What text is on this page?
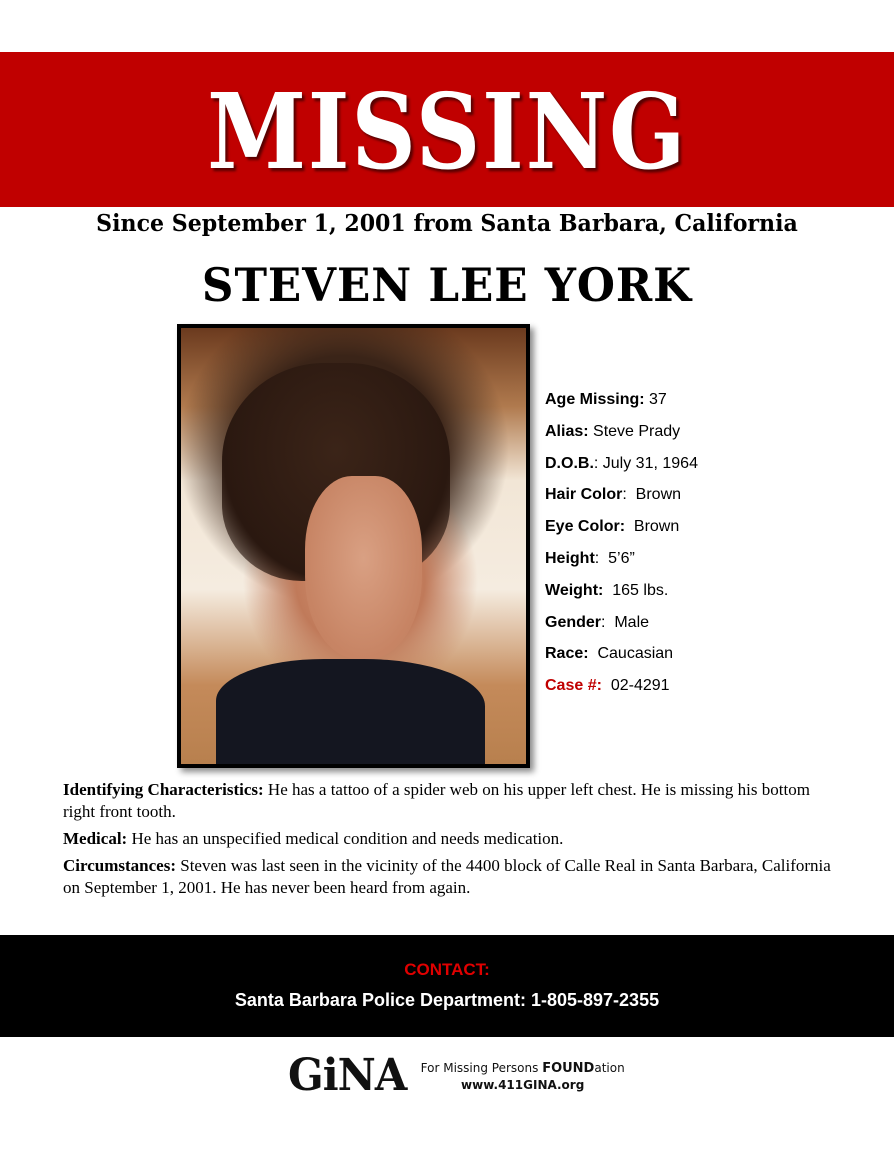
MISSING
Since September 1, 2001 from Santa Barbara, California
STEVEN LEE YORK
Age Missing: 37
Alias: Steve Prady
D.O.B.: July 31, 1964
Hair Color:  Brown
Eye Color:  Brown
Height:  5’6”
Weight:  165 lbs.
Gender:  Male
Race:  Caucasian
Case #:  02-4291

Identifying Characteristics: He has a tattoo of a spider web on his upper left chest. He is missing his bottom right front tooth.

Medical: He has an unspecified medical condition and needs medication.

Circumstances: Steven was last seen in the vicinity of the 4400 block of Calle Real in Santa Barbara, California on September 1, 2001. He has never been heard from again.

CONTACT:
Santa Barbara Police Department: 1-805-897-2355
GiNA For Missing Persons FOUNDation
www.411GINA.org
